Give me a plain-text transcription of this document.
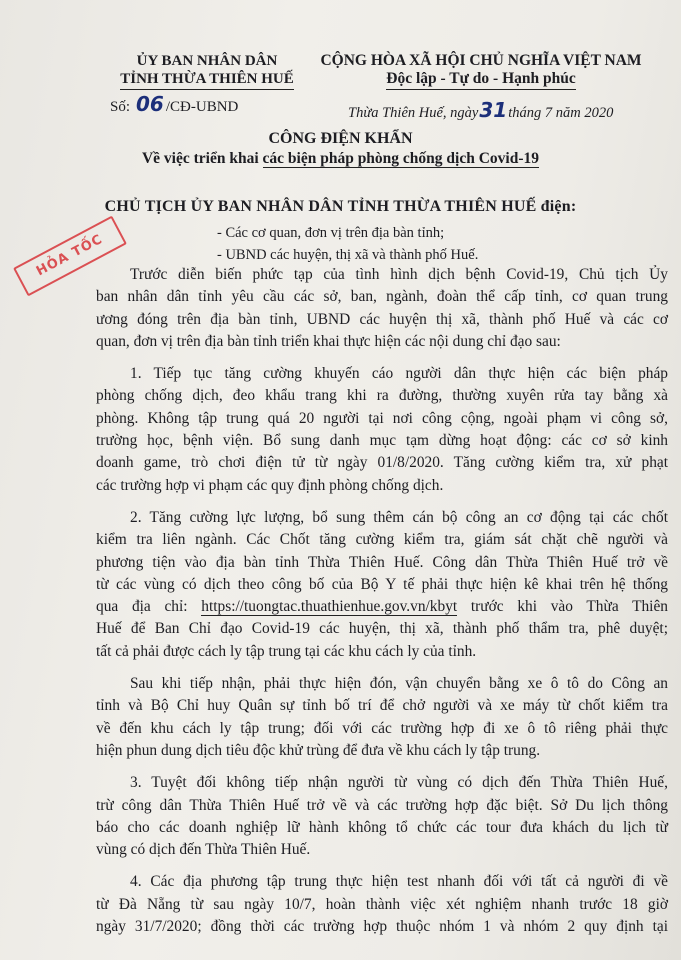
ỦY BAN NHÂN DÂN
TỈNH THỪA THIÊN HUẾ
Số: 06 /CĐ-UBND
CỘNG HÒA XÃ HỘI CHỦ NGHĨA VIỆT NAM
Độc lập - Tự do - Hạnh phúc
Thừa Thiên Huế, ngày31tháng 7 năm 2020
CÔNG ĐIỆN KHẨN
Về việc triển khai các biện pháp phòng chống dịch Covid-19
CHỦ TỊCH ỦY BAN NHÂN DÂN TỈNH THỪA THIÊN HUẾ điện:
- Các cơ quan, đơn vị trên địa bàn tỉnh;
- UBND các huyện, thị xã và thành phố Huế.
HỎA TỐC	Trước diễn biến phức tạp của tình hình dịch bệnh Covid-19, Chủ tịch Ủy
ban nhân dân tỉnh yêu cầu các sở, ban, ngành, đoàn thể cấp tỉnh, cơ quan trung
ương đóng trên địa bàn tỉnh, UBND các huyện thị xã, thành phố Huế và các cơ
quan, đơn vị trên địa bàn tỉnh triển khai thực hiện các nội dung chỉ đạo sau:
1. Tiếp tục tăng cường khuyến cáo người dân thực hiện các biện pháp
phòng chống dịch, đeo khẩu trang khi ra đường, thường xuyên rửa tay bằng xà
phòng. Không tập trung quá 20 người tại nơi công cộng, ngoài phạm vi công sở,
trường học, bệnh viện. Bổ sung danh mục tạm dừng hoạt động: các cơ sở kinh
doanh game, trò chơi điện tử từ ngày 01/8/2020. Tăng cường kiểm tra, xử phạt
các trường hợp vi phạm các quy định phòng chống dịch.
2. Tăng cường lực lượng, bổ sung thêm cán bộ công an cơ động tại các chốt
kiểm tra liên ngành. Các Chốt tăng cường kiểm tra, giám sát chặt chẽ người và
phương tiện vào địa bàn tỉnh Thừa Thiên Huế. Công dân Thừa Thiên Huế trở về
từ các vùng có dịch theo công bố của Bộ Y tế phải thực hiện kê khai trên hệ thống
qua địa chỉ: https://tuongtac.thuathienhue.gov.vn/kbyt trước khi vào Thừa Thiên
Huế để Ban Chỉ đạo Covid-19 các huyện, thị xã, thành phố thẩm tra, phê duyệt;
tất cả phải được cách ly tập trung tại các khu cách ly của tỉnh.
Sau khi tiếp nhận, phải thực hiện đón, vận chuyển bằng xe ô tô do Công an
tỉnh và Bộ Chỉ huy Quân sự tỉnh bố trí để chở người và xe máy từ chốt kiểm tra
về đến khu cách ly tập trung; đối với các trường hợp đi xe ô tô riêng phải thực
hiện phun dung dịch tiêu độc khử trùng để đưa về khu cách ly tập trung.
3. Tuyệt đối không tiếp nhận người từ vùng có dịch đến Thừa Thiên Huế,
trừ công dân Thừa Thiên Huế trở về và các trường hợp đặc biệt. Sở Du lịch thông
báo cho các doanh nghiệp lữ hành không tổ chức các tour đưa khách du lịch từ
vùng có dịch đến Thừa Thiên Huế.
4. Các địa phương tập trung thực hiện test nhanh đối với tất cả người đi về
từ Đà Nẵng từ sau ngày 10/7, hoàn thành việc xét nghiệm nhanh trước 18 giờ
ngày 31/7/2020; đồng thời các trường hợp thuộc nhóm 1 và nhóm 2 quy định tại
